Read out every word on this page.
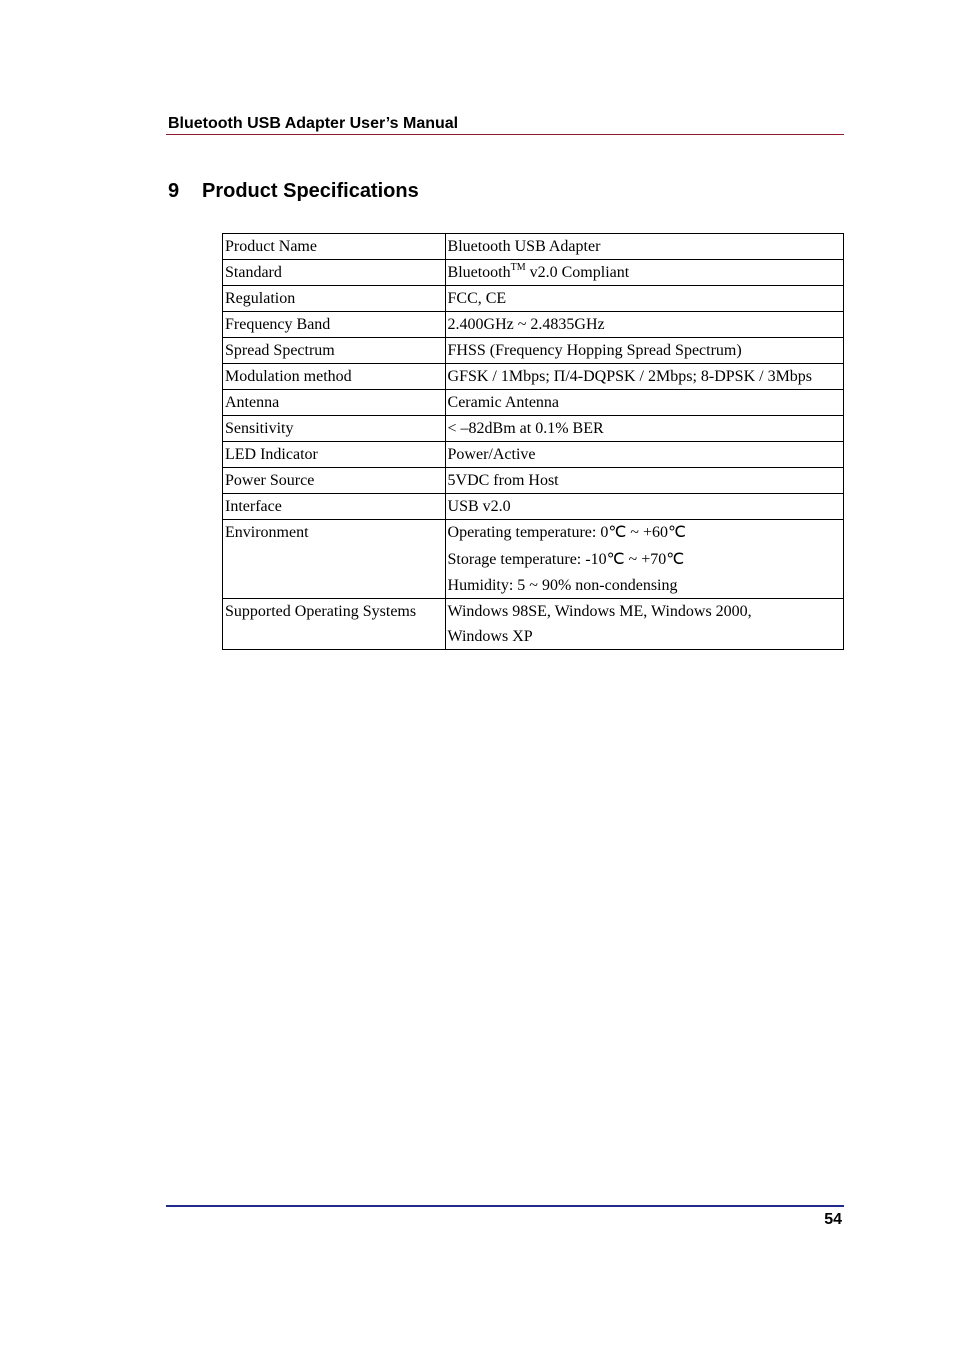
Bluetooth USB Adapter User’s Manual
9 Product Specifications
Product Name	Bluetooth USB Adapter
Standard	Bluetooth™ v2.0 Compliant
Regulation	FCC, CE
Frequency Band	2.400GHz ~ 2.4835GHz
Spread Spectrum	FHSS (Frequency Hopping Spread Spectrum)
Modulation method	GFSK / 1Mbps; Π/4-DQPSK / 2Mbps; 8-DPSK / 3Mbps
Antenna	Ceramic Antenna
Sensitivity	< –82dBm at 0.1% BER
LED Indicator	Power/Active
Power Source	5VDC from Host
Interface	USB v2.0
Environment	Operating temperature: 0℃ ~ +60℃
Storage temperature: -10℃ ~ +70℃
Humidity: 5 ~ 90% non-condensing

Supported Operating Systems	Windows 98SE, Windows ME, Windows 2000,
Windows XP
54
